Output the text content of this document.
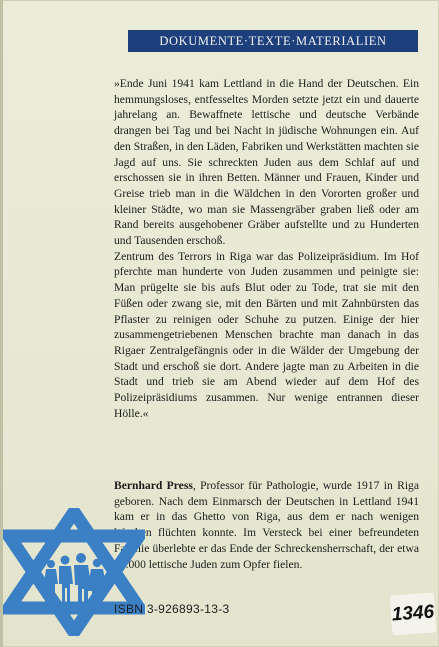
DOKUMENTE·TEXTE·MATERIALIEN

»Ende Juni 1941 kam Lettland in die Hand der Deutschen. Ein hemmungsloses, entfesseltes Morden setzte jetzt ein und dauerte jahrelang an. Bewaffnete lettische und deutsche Verbände drangen bei Tag und bei Nacht in jüdische Wohnungen ein. Auf den Straßen, in den Läden, Fabriken und Werkstätten machten sie Jagd auf uns. Sie schreckten Juden aus dem Schlaf auf und erschossen sie in ihren Betten. Männer und Frauen, Kinder und Greise trieb man in die Wäldchen in den Vororten großer und kleiner Städte, wo man sie Massengräber graben ließ oder am Rand bereits ausgehobener Gräber aufstellte und zu Hunderten und Tausenden erschoß.

Zentrum des Terrors in Riga war das Polizeipräsidium. Im Hof pferchte man hunderte von Juden zusammen und peinigte sie: Man prügelte sie bis aufs Blut oder zu Tode, trat sie mit den Füßen oder zwang sie, mit den Bärten und mit Zahnbürsten das Pflaster zu reinigen oder Schuhe zu putzen. Einige der hier zusammengetriebenen Menschen brachte man danach in das Rigaer Zentralgefängnis oder in die Wälder der Umgebung der Stadt und erschoß sie dort. Andere jagte man zu Arbeiten in die Stadt und trieb sie am Abend wieder auf dem Hof des Polizeipräsidiums zusammen. Nur wenige entrannen dieser Hölle.«

Bernhard Press, Professor für Pathologie, wurde 1917 in Riga geboren. Nach dem Einmarsch der Deutschen in Lettland 1941 kam er in das Ghetto von Riga, aus dem er nach wenigen Wochen flüchten konnte. Im Versteck bei einer befreundeten Familie überlebte er das Ende der Schreckensherrschaft, der etwa 80.000 lettische Juden zum Opfer fielen.

ISBN 3-926893-13-3	1346
